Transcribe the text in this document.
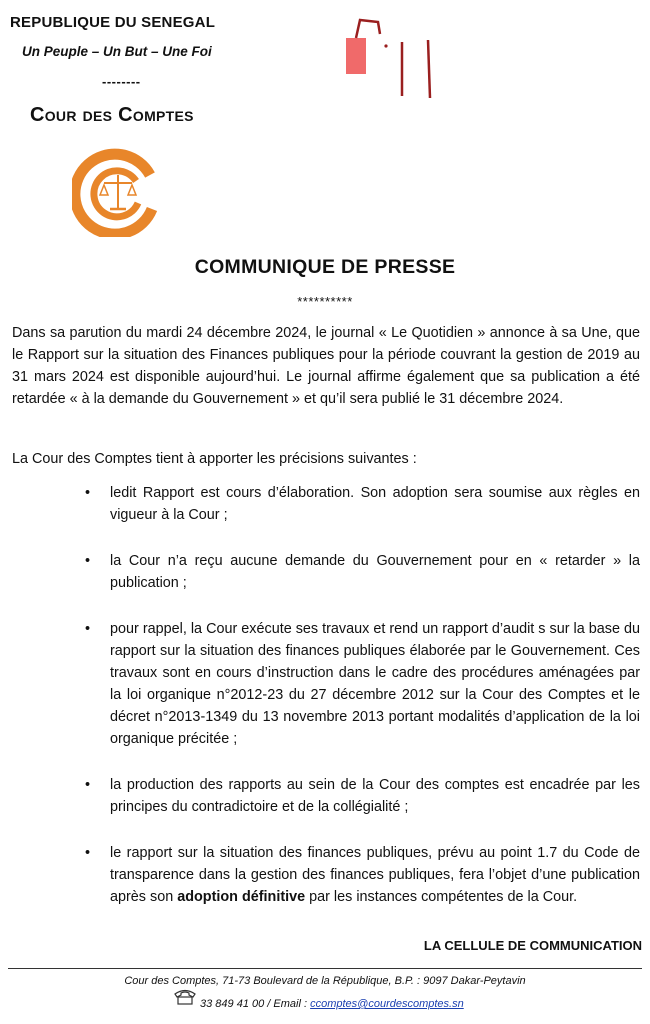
REPUBLIQUE DU SENEGAL
Un Peuple – Un But – Une Foi
--------
Cour des Comptes
COMMUNIQUE DE PRESSE
**********
Dans sa parution du mardi 24 décembre 2024, le journal « Le Quotidien » annonce à sa Une, que le Rapport sur la situation des Finances publiques pour la période couvrant la gestion de 2019 au 31 mars 2024 est disponible aujourd’hui. Le journal affirme également que sa publication a été retardée « à la demande du Gouvernement » et qu’il sera publié le 31 décembre 2024.
La Cour des Comptes tient à apporter les précisions suivantes :
• ledit Rapport est cours d’élaboration. Son adoption sera soumise aux règles en vigueur à la Cour ;
• la Cour n’a reçu aucune demande du Gouvernement pour en « retarder » la publication ;
• pour rappel, la Cour exécute ses travaux et rend un rapport d’audit s sur la base du rapport sur la situation des finances publiques élaborée par le Gouvernement. Ces travaux sont en cours d’instruction dans le cadre des procédures aménagées par la loi organique n°2012-23 du 27 décembre 2012 sur la Cour des Comptes et le décret n°2013-1349 du 13 novembre 2013 portant modalités d’application de la loi organique précitée ;
• la production des rapports au sein de la Cour des comptes est encadrée par les principes du contradictoire et de la collégialité ;
• le rapport sur la situation des finances publiques, prévu au point 1.7 du Code de transparence dans la gestion des finances publiques, fera l’objet d’une publication après son adoption définitive par les instances compétentes de la Cour.
LA CELLULE DE COMMUNICATION
Cour des Comptes, 71-73 Boulevard de la République, B.P. : 9097 Dakar-Peytavin
33 849 41 00 / Email : ccomptes@courdescomptes.sn
